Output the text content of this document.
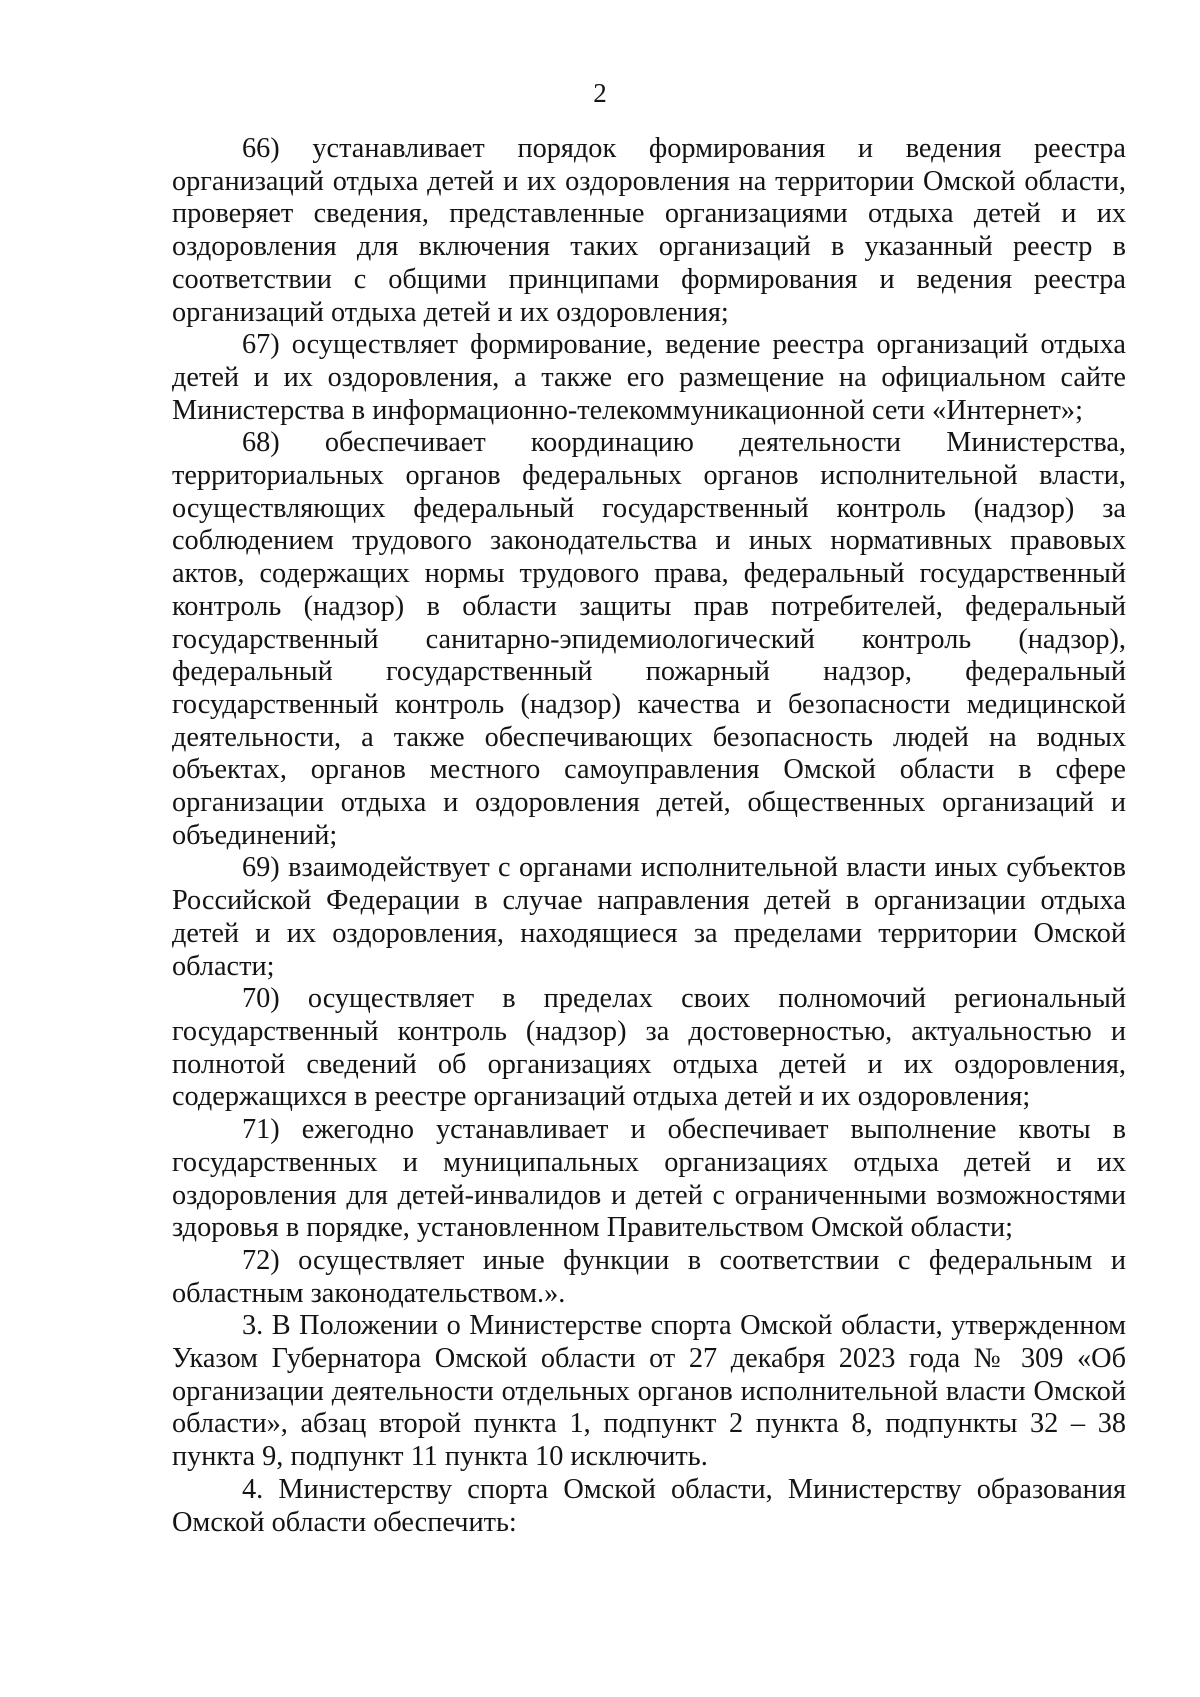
2

66) устанавливает порядок формирования и ведения реестра организаций отдыха детей и их оздоровления на территории Омской области, проверяет сведения, представленные организациями отдыха детей и их оздоровления для включения таких организаций в указанный реестр в соответствии с общими принципами формирования и ведения реестра организаций отдыха детей и их оздоровления;

67) осуществляет формирование, ведение реестра организаций отдыха детей и их оздоровления, а также его размещение на официальном сайте Министерства в информационно-телекоммуникационной сети «Интернет»;

68) обеспечивает координацию деятельности Министерства, территориальных органов федеральных органов исполнительной власти, осуществляющих федеральный государственный контроль (надзор) за соблюдением трудового законодательства и иных нормативных правовых актов, содержащих нормы трудового права, федеральный государственный контроль (надзор) в области защиты прав потребителей, федеральный государственный санитарно-эпидемиологический контроль (надзор), федеральный государственный пожарный надзор, федеральный государственный контроль (надзор) качества и безопасности медицинской деятельности, а также обеспечивающих безопасность людей на водных объектах, органов местного самоуправления Омской области в сфере организации отдыха и оздоровления детей, общественных организаций и объединений;

69) взаимодействует с органами исполнительной власти иных субъектов Российской Федерации в случае направления детей в организации отдыха детей и их оздоровления, находящиеся за пределами территории Омской области;

70) осуществляет в пределах своих полномочий региональный государственный контроль (надзор) за достоверностью, актуальностью и полнотой сведений об организациях отдыха детей и их оздоровления, содержащихся в реестре организаций отдыха детей и их оздоровления;

71) ежегодно устанавливает и обеспечивает выполнение квоты в государственных и муниципальных организациях отдыха детей и их оздоровления для детей-инвалидов и детей с ограниченными возможностями здоровья в порядке, установленном Правительством Омской области;

72) осуществляет иные функции в соответствии с федеральным и областным законодательством.».

3. В Положении о Министерстве спорта Омской области, утвержденном Указом Губернатора Омской области от 27 декабря 2023 года № 309 «Об организации деятельности отдельных органов исполнительной власти Омской области», абзац второй пункта 1, подпункт 2 пункта 8, подпункты 32 – 38 пункта 9, подпункт 11 пункта 10 исключить.

4. Министерству спорта Омской области, Министерству образования Омской области обеспечить:
